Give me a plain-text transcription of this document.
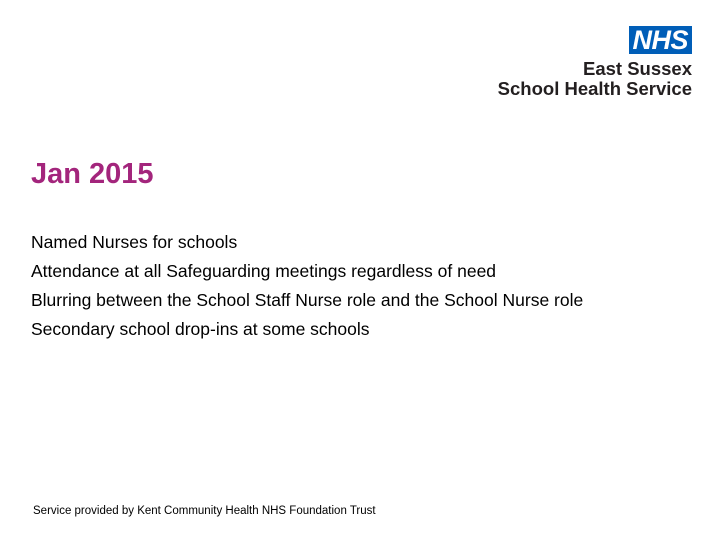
NHS
East Sussex
School Health Service
Jan 2015
Named Nurses for schools
Attendance at all Safeguarding meetings regardless of need
Blurring between the School Staff Nurse role and the School Nurse role
Secondary school drop-ins at some schools
Service provided by Kent Community Health NHS Foundation Trust
